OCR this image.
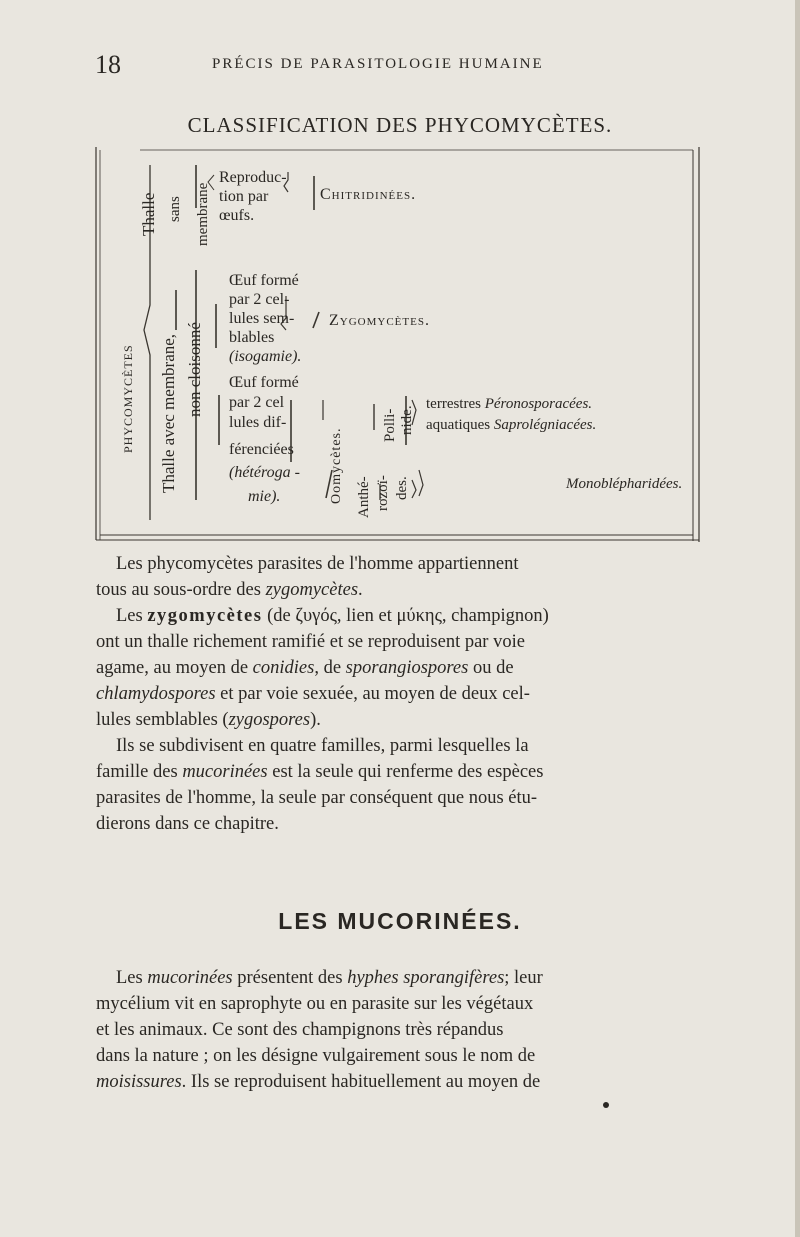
18	PRÉCIS DE PARASITOLOGIE HUMAINE
CLASSIFICATION DES PHYCOMYCÈTES.
PHYCOMYCÈTES
Thalle sans membrane
Reproduc-
tion par
œufs.
Chitridinées.
Thalle avec membrane, non cloisonné
Œuf formé
par 2 cel-
lules sem-
blables
(isogamie).
Zygomycètes.
Œuf formé
par 2 cel
lules dif-
férenciées
(hétéroga -
mie).	Oomycètes.
Polli- nide.
Anthé- rozoï- des.
terrestres Péronosporacées.
aquatiques Saprolégniacées.
Monoblépharidées.
Les phycomycètes parasites de l'homme appartiennent
tous au sous-ordre des zygomycètes.
Les zygomycètes (de ζυγός, lien et μύκης, champignon)
ont un thalle richement ramifié et se reproduisent par voie
agame, au moyen de conidies, de sporangiospores ou de
chlamydospores et par voie sexuée, au moyen de deux cel-
lules semblables (zygospores).
Ils se subdivisent en quatre familles, parmi lesquelles la
famille des mucorinées est la seule qui renferme des espèces
parasites de l'homme, la seule par conséquent que nous étu-
dierons dans ce chapitre.
LES MUCORINÉES.
Les mucorinées présentent des hyphes sporangifères; leur
mycélium vit en saprophyte ou en parasite sur les végétaux
et les animaux. Ce sont des champignons très répandus
dans la nature ; on les désigne vulgairement sous le nom de
moisissures. Ils se reproduisent habituellement au moyen de
